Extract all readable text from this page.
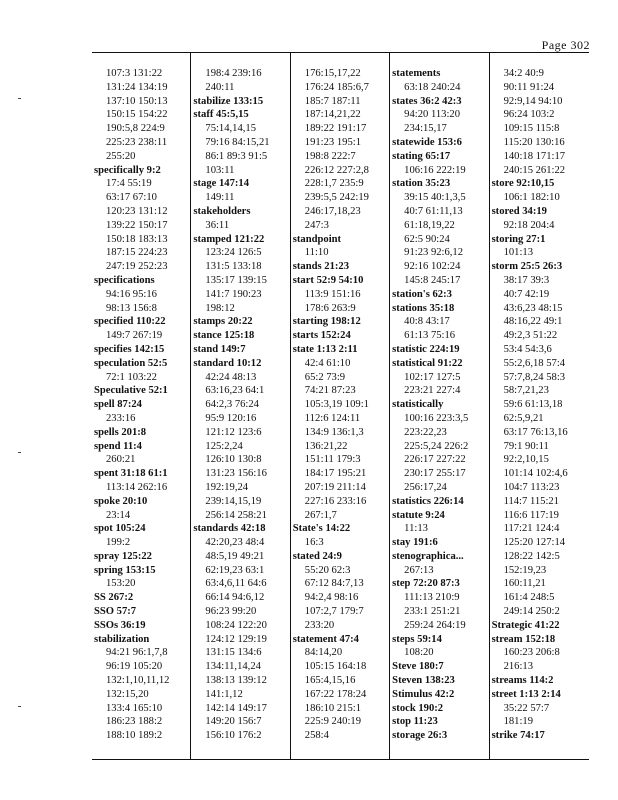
Page 302
107:3 131:22
131:24 134:19
137:10 150:13
150:15 154:22
190:5,8 224:9
225:23 238:11
255:20
specifically 9:2
17:4 55:19
63:17 67:10
120:23 131:12
139:22 150:17
150:18 183:13
187:15 224:23
247:19 252:23
specifications
94:16 95:16
98:13 156:8
specified 110:22
149:7 267:19
specifies 142:15
speculation 52:5
72:1 103:22
Speculative 52:1
spell 87:24
233:16
spells 201:8
spend 11:4
260:21
spent 31:18 61:1
113:14 262:16
spoke 20:10
23:14
spot 105:24
199:2
spray 125:22
spring 153:15
153:20
SS 267:2
SSO 57:7
SSOs 36:19
stabilization
94:21 96:1,7,8
96:19 105:20
132:1,10,11,12
132:15,20
133:4 165:10
186:23 188:2
188:10 189:2
198:4 239:16
240:11
stabilize 133:15
staff 45:5,15
75:14,14,15
79:16 84:15,21
86:1 89:3 91:5
103:11
stage 147:14
149:11
stakeholders
36:11
stamped 121:22
123:24 126:5
131:5 133:18
135:17 139:15
141:7 190:23
198:12
stamps 20:22
stance 125:18
stand 149:7
standard 10:12
42:24 48:13
63:16,23 64:1
64:2,3 76:24
95:9 120:16
121:12 123:6
125:2,24
126:10 130:8
131:23 156:16
192:19,24
239:14,15,19
256:14 258:21
standards 42:18
42:20,23 48:4
48:5,19 49:21
62:19,23 63:1
63:4,6,11 64:6
66:14 94:6,12
96:23 99:20
108:24 122:20
124:12 129:19
131:15 134:6
134:11,14,24
138:13 139:12
141:1,12
142:14 149:17
149:20 156:7
156:10 176:2
176:15,17,22
176:24 185:6,7
185:7 187:11
187:14,21,22
189:22 191:17
191:23 195:1
198:8 222:7
226:12 227:2,8
228:1,7 235:9
239:5,5 242:19
246:17,18,23
247:3
standpoint
11:10
stands 21:23
start 52:9 54:10
113:9 151:16
178:6 263:9
starting 198:12
starts 152:24
state 1:13 2:11
42:4 61:10
65:2 73:9
74:21 87:23
105:3,19 109:1
112:6 124:11
134:9 136:1,3
136:21,22
151:11 179:3
184:17 195:21
207:19 211:14
227:16 233:16
267:1,7
State's 14:22
16:3
stated 24:9
55:20 62:3
67:12 84:7,13
94:2,4 98:16
107:2,7 179:7
233:20
statement 47:4
84:14,20
105:15 164:18
165:4,15,16
167:22 178:24
186:10 215:1
225:9 240:19
258:4
statements
63:18 240:24
states 36:2 42:3
94:20 113:20
234:15,17
statewide 153:6
stating 65:17
106:16 222:19
station 35:23
39:15 40:1,3,5
40:7 61:11,13
61:18,19,22
62:5 90:24
91:23 92:6,12
92:16 102:24
145:8 245:17
station's 62:3
stations 35:18
40:8 43:17
61:13 75:16
statistic 224:19
statistical 91:22
102:17 127:5
223:21 227:4
statistically
100:16 223:3,5
223:22,23
225:5,24 226:2
226:17 227:22
230:17 255:17
256:17,24
statistics 226:14
statute 9:24
11:13
stay 191:6
stenographica...
267:13
step 72:20 87:3
111:13 210:9
233:1 251:21
259:24 264:19
steps 59:14
108:20
Steve 180:7
Steven 138:23
Stimulus 42:2
stock 190:2
stop 11:23
storage 26:3
34:2 40:9
90:11 91:24
92:9,14 94:10
96:24 103:2
109:15 115:8
115:20 130:16
140:18 171:17
240:15 261:22
store 92:10,15
106:1 182:10
stored 34:19
92:18 204:4
storing 27:1
101:13
storm 25:5 26:3
38:17 39:3
40:7 42:19
43:6,23 48:15
48:16,22 49:1
49:2,3 51:22
53:4 54:3,6
55:2,6,18 57:4
57:7,8,24 58:3
58:7,21,23
59:6 61:13,18
62:5,9,21
63:17 76:13,16
79:1 90:11
92:2,10,15
101:14 102:4,6
104:7 113:23
114:7 115:21
116:6 117:19
117:21 124:4
125:20 127:14
128:22 142:5
152:19,23
160:11,21
161:4 248:5
249:14 250:2
Strategic 41:22
stream 152:18
160:23 206:8
216:13
streams 114:2
street 1:13 2:14
35:22 57:7
181:19
strike 74:17
